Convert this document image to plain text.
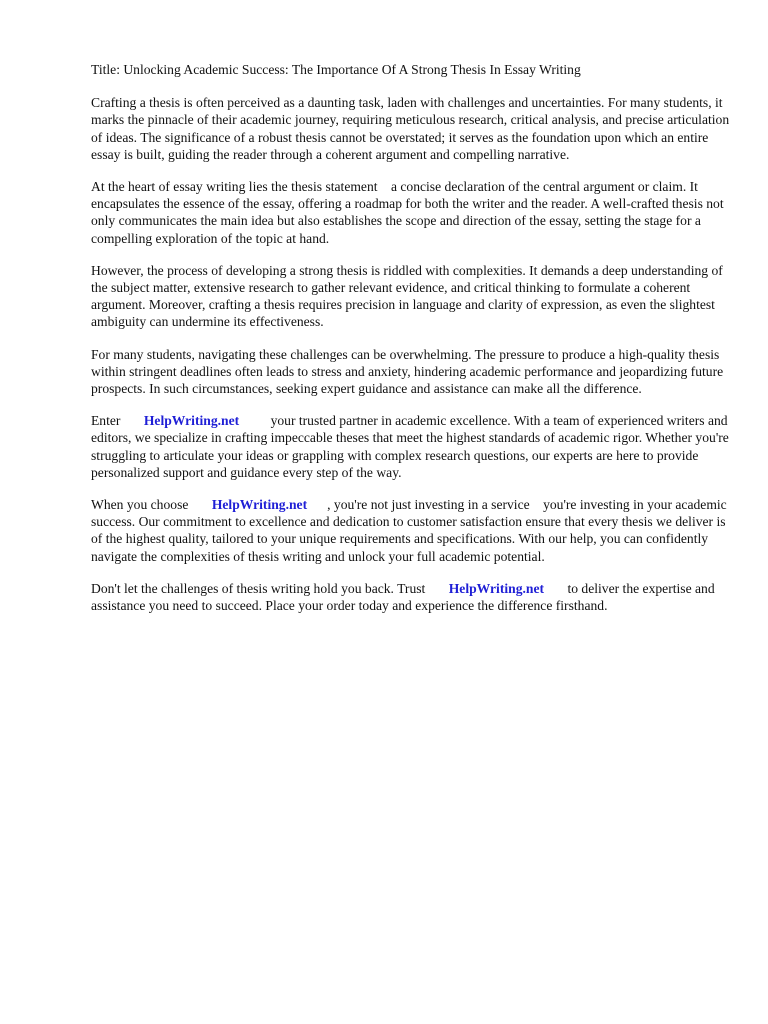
Title: Unlocking Academic Success: The Importance Of A Strong Thesis In Essay Writing

Crafting a thesis is often perceived as a daunting task, laden with challenges and uncertainties. For many students, it marks the pinnacle of their academic journey, requiring meticulous research, critical analysis, and precise articulation of ideas. The significance of a robust thesis cannot be overstated; it serves as the foundation upon which an entire essay is built, guiding the reader through a coherent argument and compelling narrative.

At the heart of essay writing lies the thesis statement a concise declaration of the central argument or claim. It encapsulates the essence of the essay, offering a roadmap for both the writer and the reader. A well-crafted thesis not only communicates the main idea but also establishes the scope and direction of the essay, setting the stage for a compelling exploration of the topic at hand.

However, the process of developing a strong thesis is riddled with complexities. It demands a deep understanding of the subject matter, extensive research to gather relevant evidence, and critical thinking to formulate a coherent argument. Moreover, crafting a thesis requires precision in language and clarity of expression, as even the slightest ambiguity can undermine its effectiveness.

For many students, navigating these challenges can be overwhelming. The pressure to produce a high-quality thesis within stringent deadlines often leads to stress and anxiety, hindering academic performance and jeopardizing future prospects. In such circumstances, seeking expert guidance and assistance can make all the difference.

Enter HelpWriting.net your trusted partner in academic excellence. With a team of experienced writers and editors, we specialize in crafting impeccable theses that meet the highest standards of academic rigor. Whether you're struggling to articulate your ideas or grappling with complex research questions, our experts are here to provide personalized support and guidance every step of the way.

When you choose HelpWriting.net , you're not just investing in a service you're investing in your academic success. Our commitment to excellence and dedication to customer satisfaction ensure that every thesis we deliver is of the highest quality, tailored to your unique requirements and specifications. With our help, you can confidently navigate the complexities of thesis writing and unlock your full academic potential.

Don't let the challenges of thesis writing hold you back. Trust HelpWriting.net to deliver the expertise and assistance you need to succeed. Place your order today and experience the difference firsthand.
